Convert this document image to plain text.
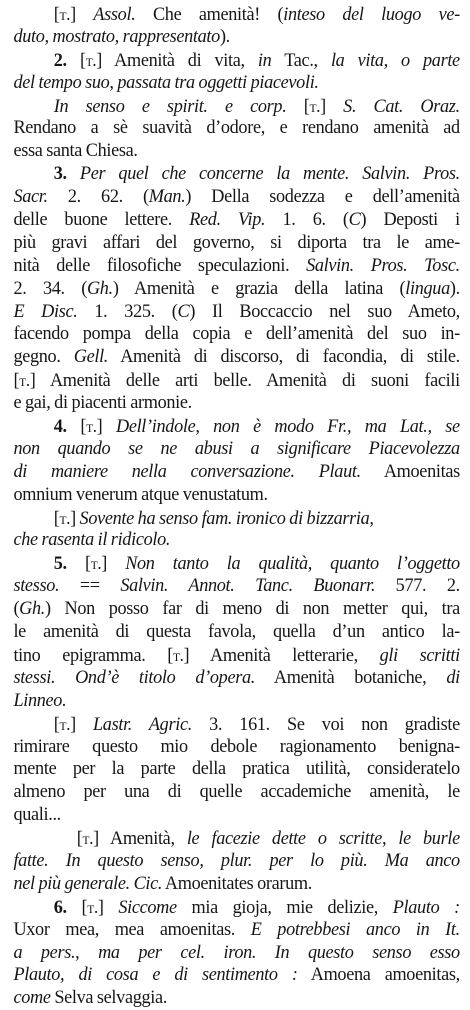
[t.] Assol. Che amenità! (inteso del luogo ve-
duto, mostrato, rappresentato).
2. [t.] Amenità di vita, in Tac., la vita, o parte
del tempo suo, passata tra oggetti piacevoli.
In senso e spirit. e corp. [t.] S. Cat. Oraz.
Rendano a sè suavità d’odore, e rendano amenità ad
essa santa Chiesa.
3. Per quel che concerne la mente. Salvin. Pros.
Sacr. 2. 62. (Man.) Della sodezza e dell’amenità
delle buone lettere. Red. Vip. 1. 6. (C) Deposti i
più gravi affari del governo, si diporta tra le ame-
nità delle filosofiche speculazioni. Salvin. Pros. Tosc.
2. 34. (Gh.) Amenità e grazia della latina (lingua).
E Disc. 1. 325. (C) Il Boccaccio nel suo Ameto,
facendo pompa della copia e dell’amenità del suo in-
gegno. Gell. Amenità di discorso, di facondia, di stile.
[t.] Amenità delle arti belle. Amenità di suoni facili
e gai, di piacenti armonie.
4. [t.] Dell’indole, non è modo Fr., ma Lat., se
non quando se ne abusi a significare Piacevolezza
di maniere nella conversazione. Plaut. Amoenitas
omnium venerum atque venustatum.
[t.] Sovente ha senso fam. ironico di bizzarria,
che rasenta il ridicolo.
5. [t.] Non tanto la qualità, quanto l’oggetto
stesso. == Salvin. Annot. Tanc. Buonarr. 577. 2.
(Gh.) Non posso far di meno di non metter qui, tra
le amenità di questa favola, quella d’un antico la-
tino epigramma. [t.] Amenità letterarie, gli scritti
stessi. Ond’è titolo d’opera. Amenità botaniche, di
Linneo.
[t.] Lastr. Agric. 3. 161. Se voi non gradiste
rimirare questo mio debole ragionamento benigna-
mente per la parte della pratica utilità, consideratelo
almeno per una di quelle accademiche amenità, le
quali...
[t.] Amenità, le facezie dette o scritte, le burle
fatte. In questo senso, plur. per lo più. Ma anco
nel più generale. Cic. Amoenitates orarum.
6. [t.] Siccome mia gioja, mie delizie, Plauto :
Uxor mea, mea amoenitas. E potrebbesi anco in It.
a pers., ma per cel. iron. In questo senso esso
Plauto, di cosa e di sentimento : Amoena amoenitas,
come Selva selvaggia.
